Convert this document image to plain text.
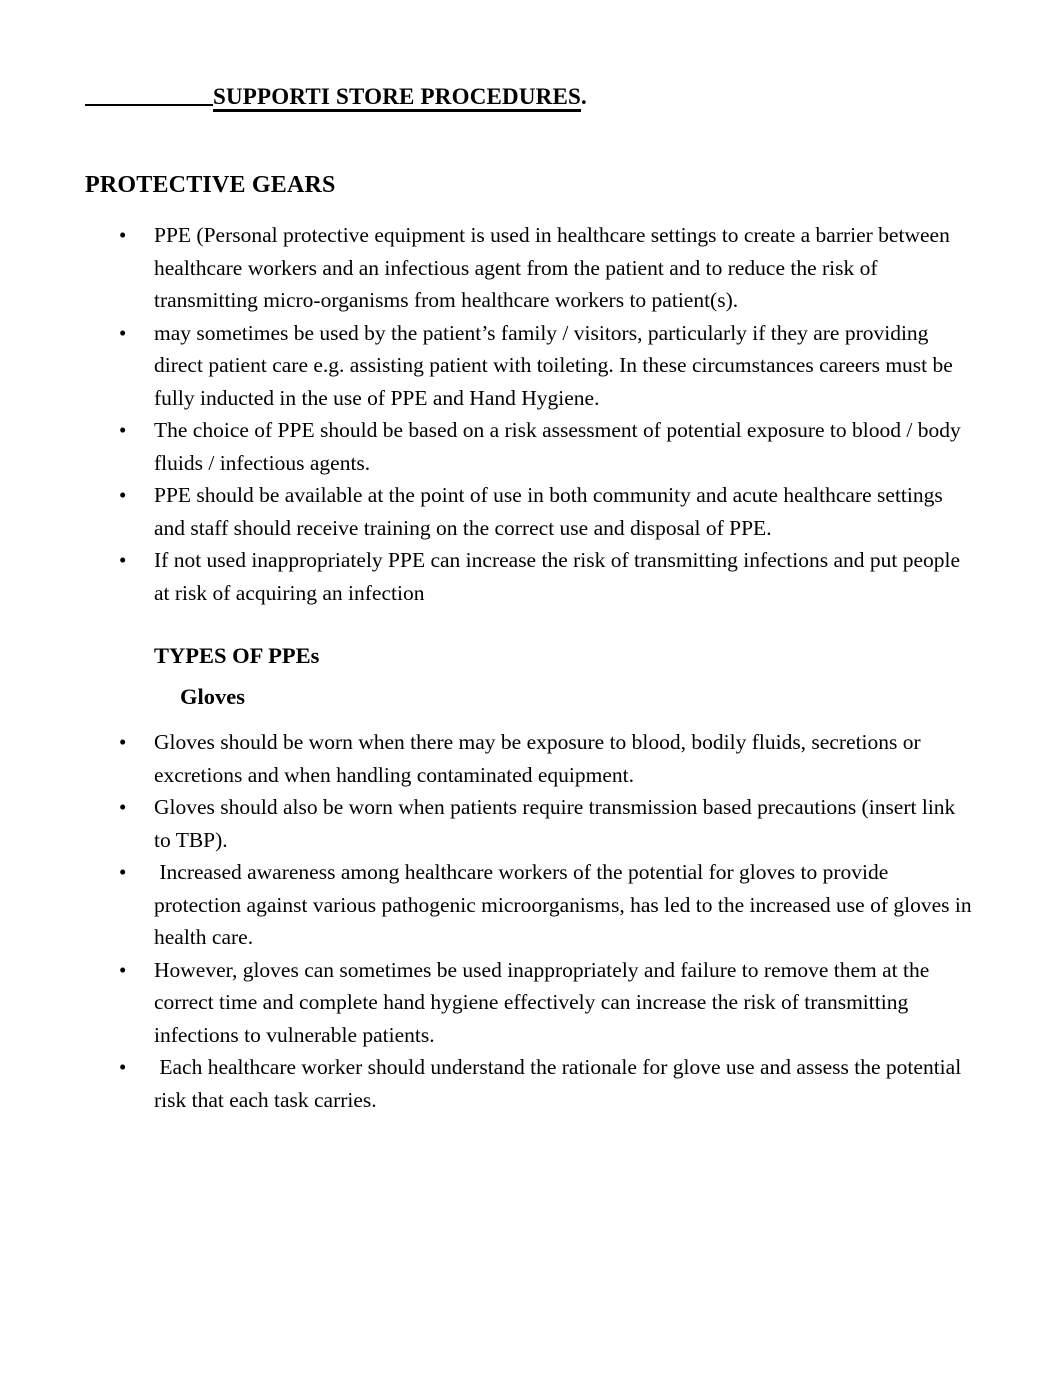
SUPPORTI STORE PROCEDURES.
PROTECTIVE GEARS
• PPE (Personal protective equipment is used in healthcare settings to create a barrier between healthcare workers and an infectious agent from the patient and to reduce the risk of transmitting micro-organisms from healthcare workers to patient(s).
• may sometimes be used by the patient’s family / visitors, particularly if they are providing direct patient care e.g. assisting patient with toileting. In these circumstances careers must be fully inducted in the use of PPE and Hand Hygiene.
• The choice of PPE should be based on a risk assessment of potential exposure to blood / body fluids / infectious agents.
• PPE should be available at the point of use in both community and acute healthcare settings and staff should receive training on the correct use and disposal of PPE.
• If not used inappropriately PPE can increase the risk of transmitting infections and put people at risk of acquiring an infection
TYPES OF PPEs
Gloves
• Gloves should be worn when there may be exposure to blood, bodily fluids, secretions or excretions and when handling contaminated equipment.
• Gloves should also be worn when patients require transmission based precautions (insert link to TBP).
•  Increased awareness among healthcare workers of the potential for gloves to provide protection against various pathogenic microorganisms, has led to the increased use of gloves in health care.
• However, gloves can sometimes be used inappropriately and failure to remove them at the correct time and complete hand hygiene effectively can increase the risk of transmitting infections to vulnerable patients.
•  Each healthcare worker should understand the rationale for glove use and assess the potential risk that each task carries.
